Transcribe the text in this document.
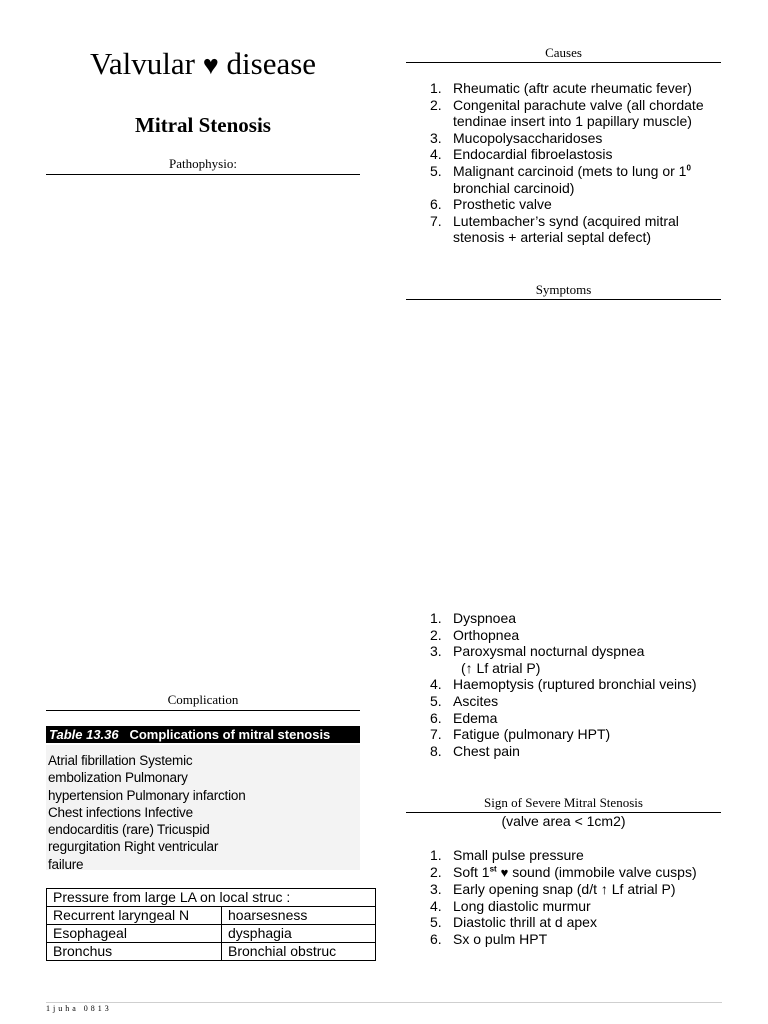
Valvular ♥ disease
Mitral Stenosis
Pathophysio:
Complication
Table 13.36 Complications of mitral stenosis
Atrial fibrillation Systemic embolization Pulmonary hypertension Pulmonary infarction Chest infections Infective endocarditis (rare) Tricuspid regurgitation Right ventricular failure
Pressure from large LA on local struc :	
Recurrent laryngeal N	hoarsesness
Esophageal	dysphagia
Bronchus	Bronchial obstruc
Causes
1. Rheumatic (aftr acute rheumatic fever)
2. Congenital parachute valve (all chordate tendinae insert into 1 papillary muscle)
3. Mucopolysaccharidoses
4. Endocardial fibroelastosis
5. Malignant carcinoid (mets to lung or $1^0$ bronchial carcinoid)
6. Prosthetic valve
7. Lutembacher’s synd (acquired mitral stenosis + arterial septal defect)
Symptoms
1. Dyspnoea
2. Orthopnea
3. Paroxysmal nocturnal dyspnea
(↑ Lf atrial P)
4. Haemoptysis (ruptured bronchial veins)
5. Ascites
6. Edema
7. Fatigue (pulmonary HPT)
8. Chest pain
Sign of Severe Mitral Stenosis
(valve area < 1cm2)
1. Small pulse pressure
2. Soft 1st ♥ sound (immobile valve cusps)
3. Early opening snap (d/t ↑ Lf atrial P)
4. Long diastolic murmur
5. Diastolic thrill at d apex
6. Sx o pulm HPT
1juha 0813
